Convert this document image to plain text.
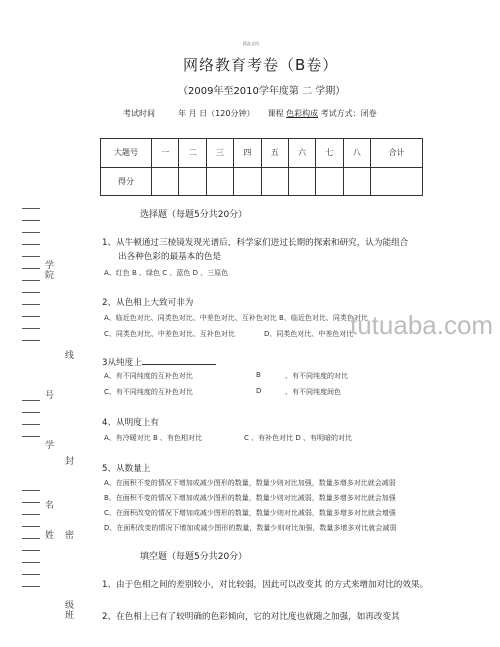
精品文档
网络教育考卷（B卷）
（2009年至2010学年度第 二 学期）
考试时间	年 月 日（120分钟） 课程 色彩构成 考试方式：闭卷
大题号	一	二	三	四	五	六	七	八	合计
得分									
选择题（每题5分共20分）
1、从牛顿通过三棱镜发现光谱后，科学家们进过长期的探索和研究，认为能组合
出各种色彩的最基本的色是
A、红色 B 、绿色 C 、蓝色 D 、三原色
2、从色相上大致可非为
A、临近色对比、同类色对比、中差色对比、互补色对比 B、临近色对比、同类色对比
C、同类色对比、中差色对比、互补色对比	D、同类色对比、中差色对比
3从纯度上
A、有不同纯度的互补色对比	B	、有不同纯度的对比
C、有不同纯度的互补色对比	D	、有不同纯度间色
4、从明度上有
A、有冷暖对比 B 、有色相对比	C 、有补色对比 D 、有明暗的对比
5、从数量上
A、在面积不变的情况下增加或减少图形的数量，数量少则对比加强，数量多增多对比就会减弱
B、在面积不变的情况下增加或减少图形的数量，数量少则对比减弱，数量多增多对比就会加强
C、在面积改变的情况下增加或减少图形的数量，数量少则对比减弱，数量多增多对比就会增强
D、在面积改变的情况下增加或减少图形的数量，数量少则对比加强，数量多增多对比就会减弱
填空题（每题5分共20分）
1、由于色相之间的差别较小，对比较弱，因此可以改变其 的方式来增加对比的效果。
2、在色相上已有了较明确的色彩倾向，它的对比度也就随之加强，如再改变其
tutuaba.com
学院
线
号
封
学
名
姓 密
级班
